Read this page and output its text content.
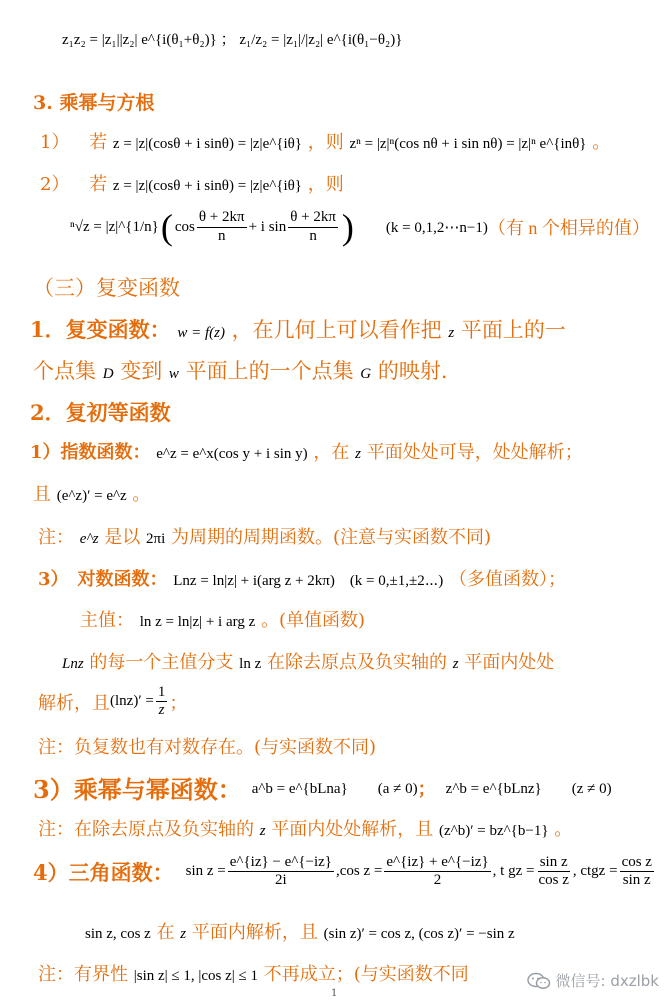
z₁z₂ = |z₁||z₂| e^{i(θ₁+θ₂)} ； z₁/z₂ = |z₁|/|z₂| e^{i(θ₁−θ₂)}
3. 乘幂与方根
1） 若 z = |z|(cosθ + i sinθ) = |z|e^{iθ} ，则 zⁿ = |z|ⁿ(cos nθ + i sin nθ) = |z|ⁿ e^{inθ} 。
2） 若 z = |z|(cosθ + i sinθ) = |z|e^{iθ} ，则
ⁿ√z = |z|^{1/n} ( $\cos \frac{\theta + 2k\pi}{n} + i$ $\sin \frac{\theta + 2k\pi}{n}$ ) (k = 0,1,2⋯n−1) （有 n 个相异的值）
（三）复变函数
1．复变函数： w = f(z) ，在几何上可以看作把 z 平面上的一
个点集 D 变到 w 平面上的一个点集 G 的映射.
2．复初等函数
1）指数函数： e^z = e^x(cos y + i sin y) ，在 z 平面处处可导，处处解析；
且 (e^z)′ = e^z 。
注： e^z 是以 2πi 为周期的周期函数。(注意与实函数不同)
3）　对数函数： Lnz = ln|z| + i(arg z + 2kπ)　(k = 0,±1,±2⋯) （多值函数）；
主值： ln z = ln|z| + i arg z 。(单值函数)
Lnz 的每一个主值分支 ln z 在除去原点及负实轴的 z 平面内处处
解析，且 $(\ln z)' = \frac{1}{z}$ ；
注：负复数也有对数存在。(与实函数不同)
3）乘幂与幂函数： a^b = e^{bLna}　　(a ≠ 0) ； z^b = e^{bLnz}　　(z ≠ 0)
注：在除去原点及负实轴的 z 平面内处处解析，且 (z^b)′ = bz^{b−1} 。
4）三角函数： $\sin z = \frac{e\^{}\{iz\} - e\^{}\{-iz\}}{2i} ,\cos$ $z = \frac{e\^{}\{iz\} + e\^{}\{-iz\}}{2}$ , t gz = $\frac{\text{sin z}}{\text{cos z}}$ , ctgz = $\frac{\text{cos z}}{\text{sin z}}$
sin z, cos z 在 z 平面内解析，且 (sin z)′ = cos z, (cos z)′ = −sin z
注：有界性 |sin z| ≤ 1, |cos z| ≤ 1 不再成立；(与实函数不同	微信号: dxzlbk
1
